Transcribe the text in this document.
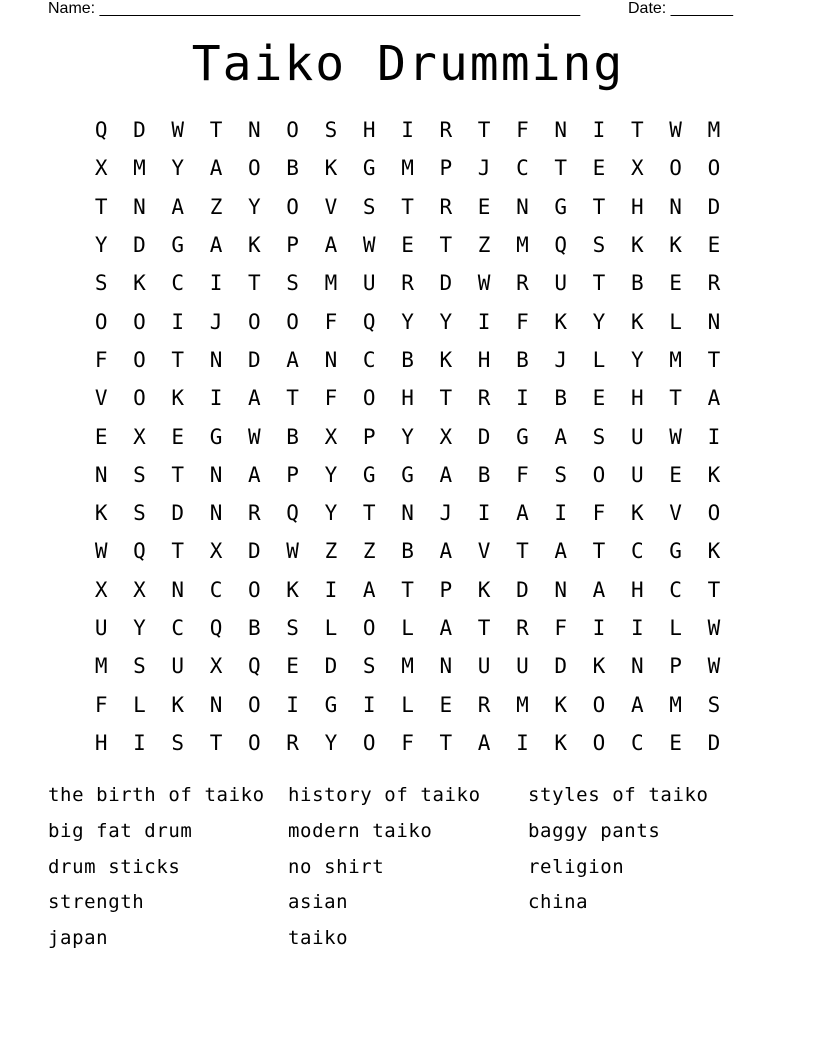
Name: ______________________________________________________	Date: _______
Taiko Drumming
Q	D	W	T	N	O	S	H	I	R	T	F	N	I	T	W	M
X	M	Y	A	O	B	K	G	M	P	J	C	T	E	X	O	O
T	N	A	Z	Y	O	V	S	T	R	E	N	G	T	H	N	D
Y	D	G	A	K	P	A	W	E	T	Z	M	Q	S	K	K	E
S	K	C	I	T	S	M	U	R	D	W	R	U	T	B	E	R
O	O	I	J	O	O	F	Q	Y	Y	I	F	K	Y	K	L	N
F	O	T	N	D	A	N	C	B	K	H	B	J	L	Y	M	T
V	O	K	I	A	T	F	O	H	T	R	I	B	E	H	T	A
E	X	E	G	W	B	X	P	Y	X	D	G	A	S	U	W	I
N	S	T	N	A	P	Y	G	G	A	B	F	S	O	U	E	K
K	S	D	N	R	Q	Y	T	N	J	I	A	I	F	K	V	O
W	Q	T	X	D	W	Z	Z	B	A	V	T	A	T	C	G	K
X	X	N	C	O	K	I	A	T	P	K	D	N	A	H	C	T
U	Y	C	Q	B	S	L	O	L	A	T	R	F	I	I	L	W
M	S	U	X	Q	E	D	S	M	N	U	U	D	K	N	P	W
F	L	K	N	O	I	G	I	L	E	R	M	K	O	A	M	S
H	I	S	T	O	R	Y	O	F	T	A	I	K	O	C	E	D
the birth of taiko	history of taiko	styles of taiko
big fat drum	modern taiko	baggy pants
drum sticks	no shirt	religion
strength	asian	china
japan	taiko
